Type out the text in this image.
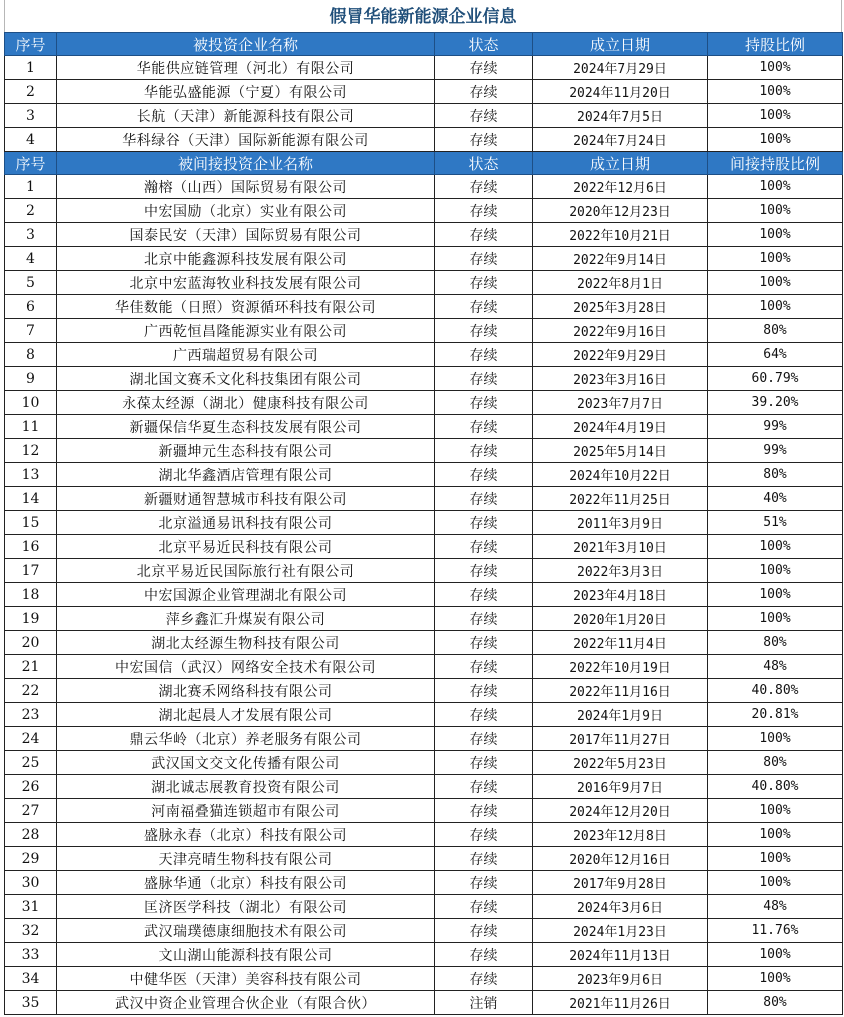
假冒华能新能源企业信息
序号	被投资企业名称	状态	成立日期	持股比例
1	华能供应链管理（河北）有限公司	存续	2024年7月29日	100%
2	华能弘盛能源（宁夏）有限公司	存续	2024年11月20日	100%
3	长航（天津）新能源科技有限公司	存续	2024年7月5日	100%
4	华科绿谷（天津）国际新能源有限公司	存续	2024年7月24日	100%
序号	被间接投资企业名称	状态	成立日期	间接持股比例
1	瀚榕（山西）国际贸易有限公司	存续	2022年12月6日	100%
2	中宏国励（北京）实业有限公司	存续	2020年12月23日	100%
3	国泰民安（天津）国际贸易有限公司	存续	2022年10月21日	100%
4	北京中能鑫源科技发展有限公司	存续	2022年9月14日	100%
5	北京中宏蓝海牧业科技发展有限公司	存续	2022年8月1日	100%
6	华佳数能（日照）资源循环科技有限公司	存续	2025年3月28日	100%
7	广西乾恒昌隆能源实业有限公司	存续	2022年9月16日	80%
8	广西瑞超贸易有限公司	存续	2022年9月29日	64%
9	湖北国文赛禾文化科技集团有限公司	存续	2023年3月16日	60.79%
10	永葆太经源（湖北）健康科技有限公司	存续	2023年7月7日	39.20%
11	新疆保信华夏生态科技发展有限公司	存续	2024年4月19日	99%
12	新疆坤元生态科技有限公司	存续	2025年5月14日	99%
13	湖北华鑫酒店管理有限公司	存续	2024年10月22日	80%
14	新疆财通智慧城市科技有限公司	存续	2022年11月25日	40%
15	北京溢通易讯科技有限公司	存续	2011年3月9日	51%
16	北京平易近民科技有限公司	存续	2021年3月10日	100%
17	北京平易近民国际旅行社有限公司	存续	2022年3月3日	100%
18	中宏国源企业管理湖北有限公司	存续	2023年4月18日	100%
19	萍乡鑫汇升煤炭有限公司	存续	2020年1月20日	100%
20	湖北太经源生物科技有限公司	存续	2022年11月4日	80%
21	中宏国信（武汉）网络安全技术有限公司	存续	2022年10月19日	48%
22	湖北赛禾网络科技有限公司	存续	2022年11月16日	40.80%
23	湖北起晨人才发展有限公司	存续	2024年1月9日	20.81%
24	鼎云华岭（北京）养老服务有限公司	存续	2017年11月27日	100%
25	武汉国文交文化传播有限公司	存续	2022年5月23日	80%
26	湖北诚志展教育投资有限公司	存续	2016年9月7日	40.80%
27	河南福叠猫连锁超市有限公司	存续	2024年12月20日	100%
28	盛脉永春（北京）科技有限公司	存续	2023年12月8日	100%
29	天津亮晴生物科技有限公司	存续	2020年12月16日	100%
30	盛脉华通（北京）科技有限公司	存续	2017年9月28日	100%
31	匡济医学科技（湖北）有限公司	存续	2024年3月6日	48%
32	武汉瑞璞德康细胞技术有限公司	存续	2024年1月23日	11.76%
33	文山湖山能源科技有限公司	存续	2024年11月13日	100%
34	中健华医（天津）美容科技有限公司	存续	2023年9月6日	100%
35	武汉中资企业管理合伙企业（有限合伙）	注销	2021年11月26日	80%
